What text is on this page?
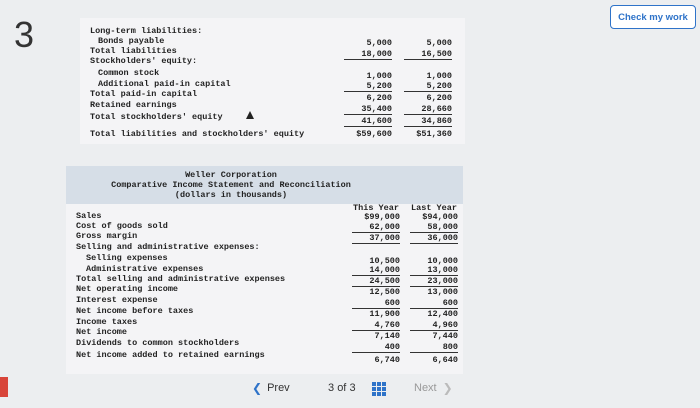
3	Check my work
Long-term liabilities:
Bonds payable	5,000	5,000
Total liabilities	18,000	16,500
Stockholders' equity:
Common stock	1,000	1,000
Additional paid-in capital	5,200	5,200
Total paid-in capital	6,200	6,200
Retained earnings	35,400	28,660
Total stockholders' equity	41,600	34,860
Total liabilities and stockholders' equity	$59,600	$51,360
Weller Corporation
Comparative Income Statement and Reconciliation
(dollars in thousands)
This Year	Last Year
Sales	$99,000	$94,000
Cost of goods sold	62,000	58,000
Gross margin	37,000	36,000
Selling and administrative expenses:
Selling expenses	10,500	10,000
Administrative expenses	14,000	13,000
Total selling and administrative expenses	24,500	23,000
Net operating income	12,500	13,000
Interest expense	600	600
Net income before taxes	11,900	12,400
Income taxes	4,760	4,960
Net income	7,140	7,440
Dividends to common stockholders	400	800
Net income added to retained earnings	6,740	6,640
❮ Prev	3
of
3	Next ❯
